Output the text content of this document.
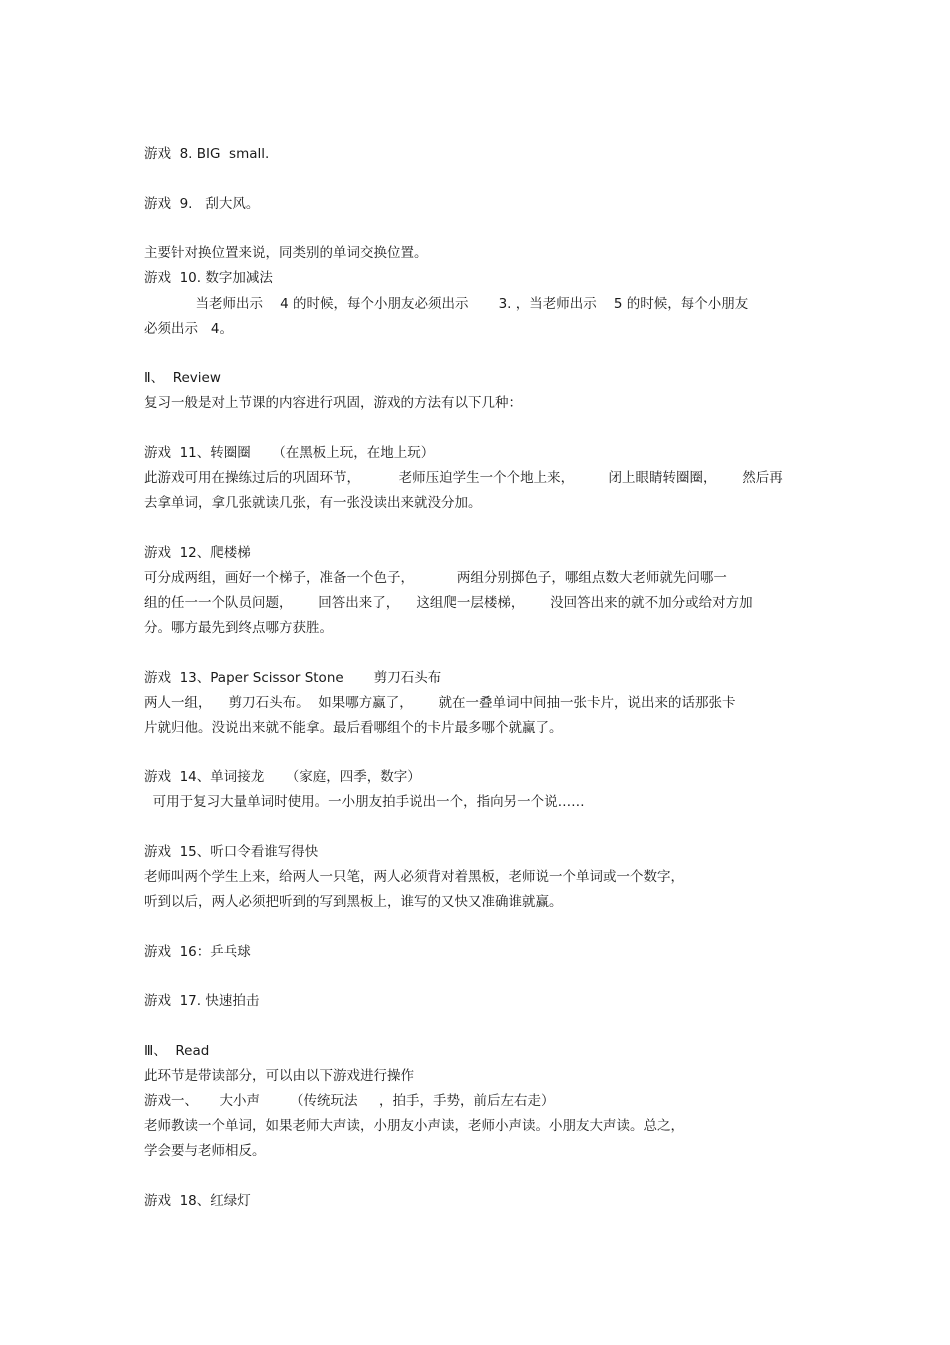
游戏  8. BIG  small.
游戏  9.   刮大风。
主要针对换位置来说，同类别的单词交换位置。
游戏  10. 数字加减法
当老师出示    4 的时候，每个小朋友必须出示       3. ，当老师出示    5 的时候，每个小朋友
必须出示   4。
Ⅱ、  Review
复习一般是对上节课的内容进行巩固，游戏的方法有以下几种：
游戏  11、转圈圈     （在黑板上玩，在地上玩）
此游戏可用在操练过后的巩固环节，         老师压迫学生一个个地上来，        闭上眼睛转圈圈，      然后再
去拿单词，拿几张就读几张，有一张没读出来就没分加。
游戏  12、爬楼梯
可分成两组，画好一个梯子，准备一个色子，          两组分别掷色子，哪组点数大老师就先问哪一
组的任一一个队员问题，      回答出来了，    这组爬一层楼梯，      没回答出来的就不加分或给对方加
分。哪方最先到终点哪方获胜。
游戏  13、Paper Scissor Stone       剪刀石头布
两人一组，    剪刀石头布。  如果哪方赢了，      就在一叠单词中间抽一张卡片，说出来的话那张卡
片就归他。没说出来就不能拿。最后看哪组个的卡片最多哪个就赢了。
游戏  14、单词接龙     （家庭，四季，数字）
可用于复习大量单词时使用。一小朋友拍手说出一个，指向另一个说……
游戏  15、听口令看谁写得快
老师叫两个学生上来，给两人一只笔，两人必须背对着黑板，老师说一个单词或一个数字，
听到以后，两人必须把听到的写到黑板上，谁写的又快又准确谁就赢。
游戏  16：乒乓球
游戏  17. 快速拍击
Ⅲ、  Read
此环节是带读部分，可以由以下游戏进行操作
游戏一、     大小声       （传统玩法     ，拍手，手势，前后左右走）
老师教读一个单词，如果老师大声读，小朋友小声读，老师小声读。小朋友大声读。总之，
学会要与老师相反。
游戏  18、红绿灯
